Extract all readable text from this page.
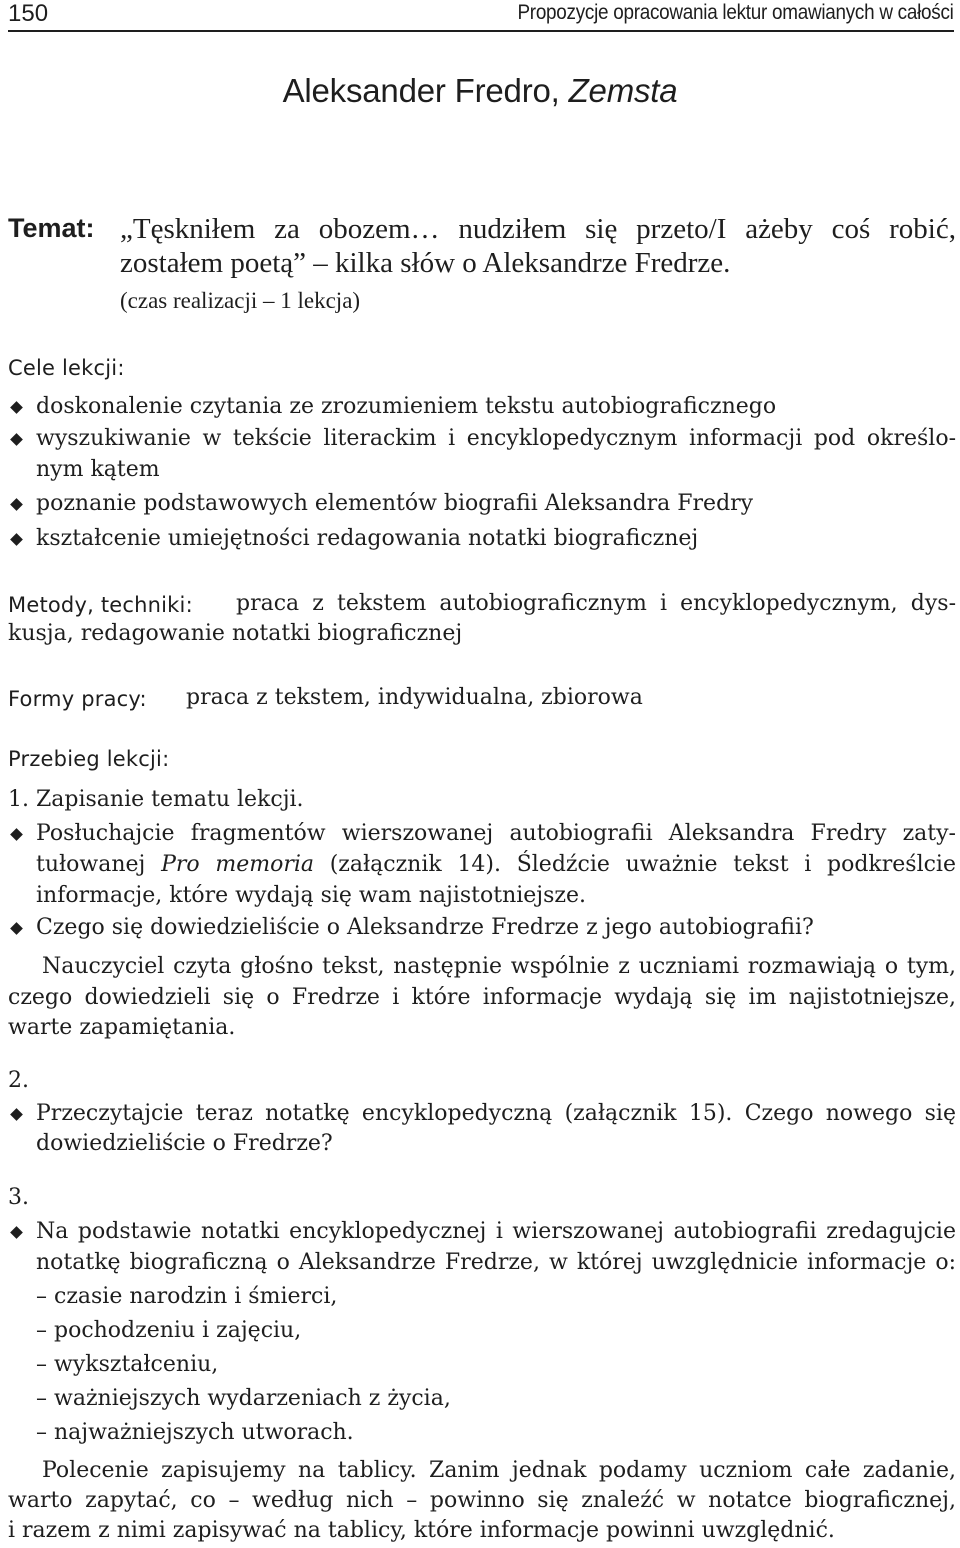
150	Propozycje opracowania lektur omawianych w całości
Aleksander Fredro, Zemsta
Temat: „Tęskniłem za obozem… nudziłem się przeto/I ażeby coś robić, zostałem poetą” – kilka słów o Aleksandrze Fredrze.
(czas realizacji – 1 lekcja)
Cele lekcji:
doskonalenie czytania ze zrozumieniem tekstu autobiograficznego
wyszukiwanie w tekście literackim i encyklopedycznym informacji pod określo-
nym kątem
poznanie podstawowych elementów biografii Aleksandra Fredry
kształcenie umiejętności redagowania notatki biograficznej
Metody, techniki: praca z tekstem autobiograficznym i encyklopedycznym, dys-
kusja, redagowanie notatki biograficznej
Formy pracy: praca z tekstem, indywidualna, zbiorowa
Przebieg lekcji:
1. Zapisanie tematu lekcji.
Posłuchajcie fragmentów wierszowanej autobiografii Aleksandra Fredry zaty-
tułowanej Pro memoria (załącznik 14). Śledźcie uważnie tekst i podkreślcie
informacje, które wydają się wam najistotniejsze.
Czego się dowiedzieliście o Aleksandrze Fredrze z jego autobiografii?
Nauczyciel czyta głośno tekst, następnie wspólnie z uczniami rozmawiają o tym,
czego dowiedzieli się o Fredrze i które informacje wydają się im najistotniejsze,
warte zapamiętania.
2.
Przeczytajcie teraz notatkę encyklopedyczną (załącznik 15). Czego nowego się
dowiedzieliście o Fredrze?
3.
Na podstawie notatki encyklopedycznej i wierszowanej autobiografii zredagujcie
notatkę biograficzną o Aleksandrze Fredrze, w której uwzględnicie informacje o:
– czasie narodzin i śmierci,
– pochodzeniu i zajęciu,
– wykształceniu,
– ważniejszych wydarzeniach z życia,
– najważniejszych utworach.
Polecenie zapisujemy na tablicy. Zanim jednak podamy uczniom całe zadanie,
warto zapytać, co – według nich – powinno się znaleźć w notatce biograficznej,
i razem z nimi zapisywać na tablicy, które informacje powinni uwzględnić.
